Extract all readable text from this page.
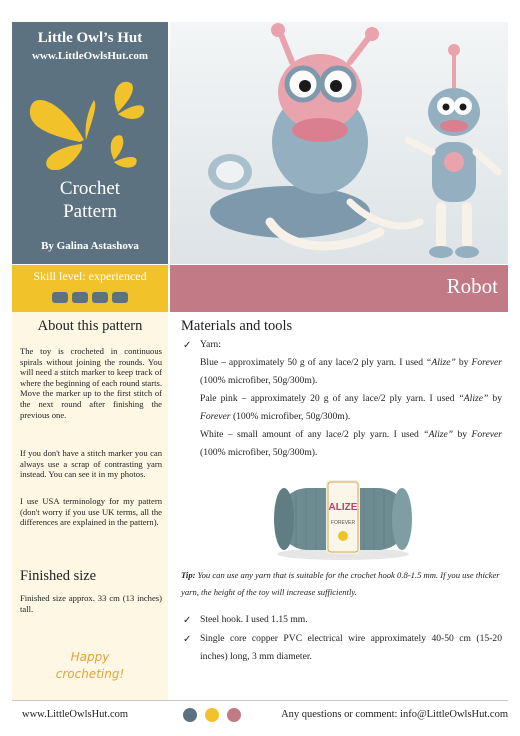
Little Owl’s Hut
www.LittleOwlsHut.com
Crochet
Pattern
By Galina Astashova
Skill level: experienced	Robot
About this pattern
The toy is crocheted in continuous spirals without joining the rounds. You will need a stitch marker to keep track of where the beginning of each round starts. Move the marker up to the first stitch of the next round after finishing the previous one.
If you don't have a stitch marker you can always use a scrap of contrasting yarn instead. You can see it in my photos.
I use USA terminology for my pattern (don't worry if you use UK terms, all the differences are explained in the pattern).
Finished size
Finished size approx. 33 cm (13 inches) tall.
Happy
crocheting!
Materials and tools
✓ Yarn:
Blue – approximately 50 g of any lace/2 ply yarn. I used “Alize” by Forever (100% microfiber, 50g/300m).
Pale pink – approximately 20 g of any lace/2 ply yarn. I used “Alize” by Forever (100% microfiber, 50g/300m).
White – small amount of any lace/2 ply yarn. I used “Alize” by Forever (100% microfiber, 50g/300m).
ALIZE
FOREVER
Tip: You can use any yarn that is suitable for the crochet hook 0.8-1.5 mm. If you use thicker yarn, the height of the toy will increase sufficiently.
✓ Steel hook. I used 1.15 mm.
✓ Single core copper PVC electrical wire approximately 40-50 cm (15-20 inches) long, 3 mm diameter.
www.LittleOwlsHut.com	Any questions or comment: info@LittleOwlsHut.com
